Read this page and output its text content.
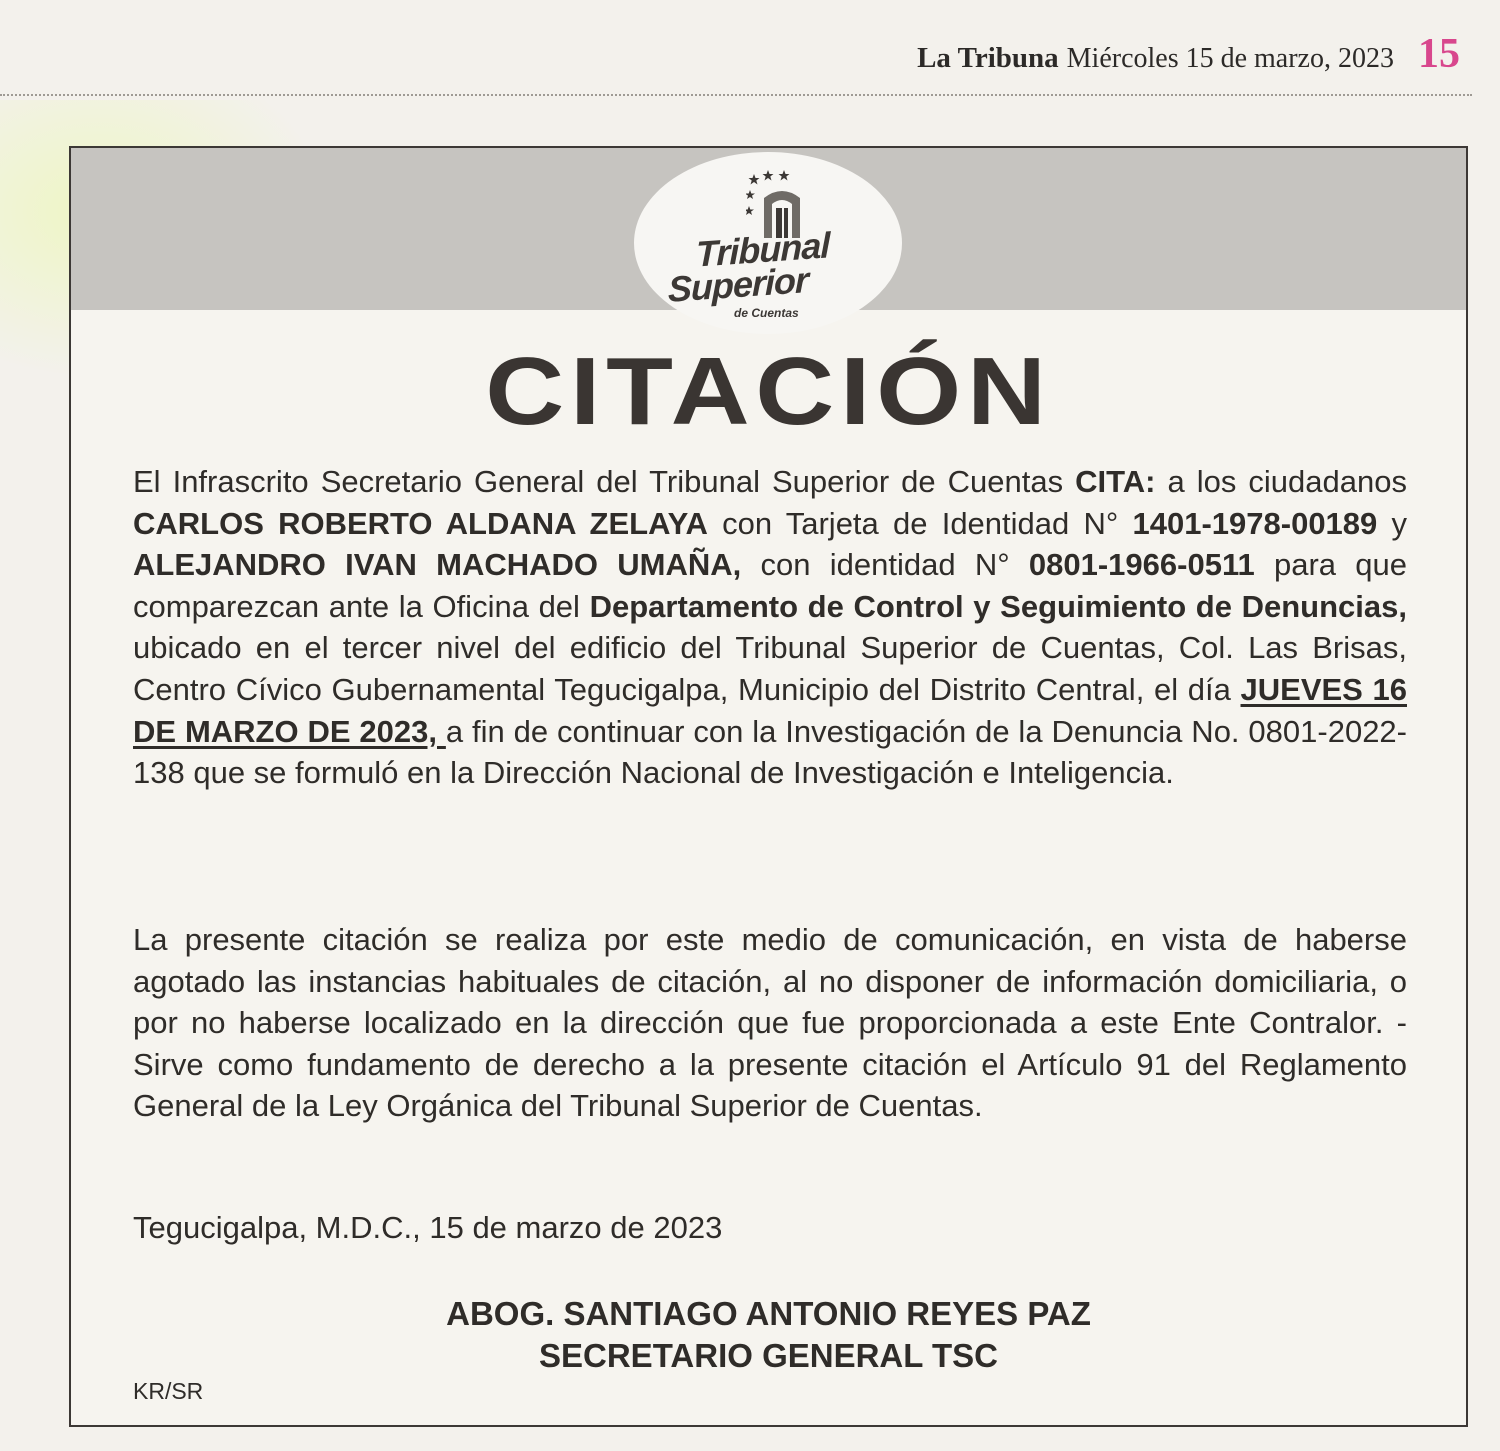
La Tribuna Miércoles 15 de marzo, 2023 15
Tribunal
Superior
de Cuentas
CITACIÓN

El Infrascrito Secretario General del Tribunal Superior de Cuentas CITA: a los ciudadanos CARLOS ROBERTO ALDANA ZELAYA con Tarjeta de Identidad N° 1401-1978-00189 y ALEJANDRO IVAN MACHADO UMAÑA, con identidad N° 0801-1966-0511 para que comparezcan ante la Oficina del Departamento de Control y Seguimiento de Denuncias, ubicado en el tercer nivel del edificio del Tribunal Superior de Cuentas, Col. Las Brisas, Centro Cívico Gubernamental Tegucigalpa, Municipio del Distrito Central, el día JUEVES 16 DE MARZO DE 2023, a fin de continuar con la Investigación de la Denuncia No. 0801-2022-138 que se formuló en la Dirección Nacional de Investigación e Inteligencia.

La presente citación se realiza por este medio de comunicación, en vista de haberse agotado las instancias habituales de citación, al no disponer de información domiciliaria, o por no haberse localizado en la dirección que fue proporcionada a este Ente Contralor. - Sirve como fundamento de derecho a la presente citación el Artículo 91 del Reglamento General de la Ley Orgánica del Tribunal Superior de Cuentas.

Tegucigalpa, M.D.C., 15 de marzo de 2023
ABOG. SANTIAGO ANTONIO REYES PAZ
SECRETARIO GENERAL TSC
KR/SR
